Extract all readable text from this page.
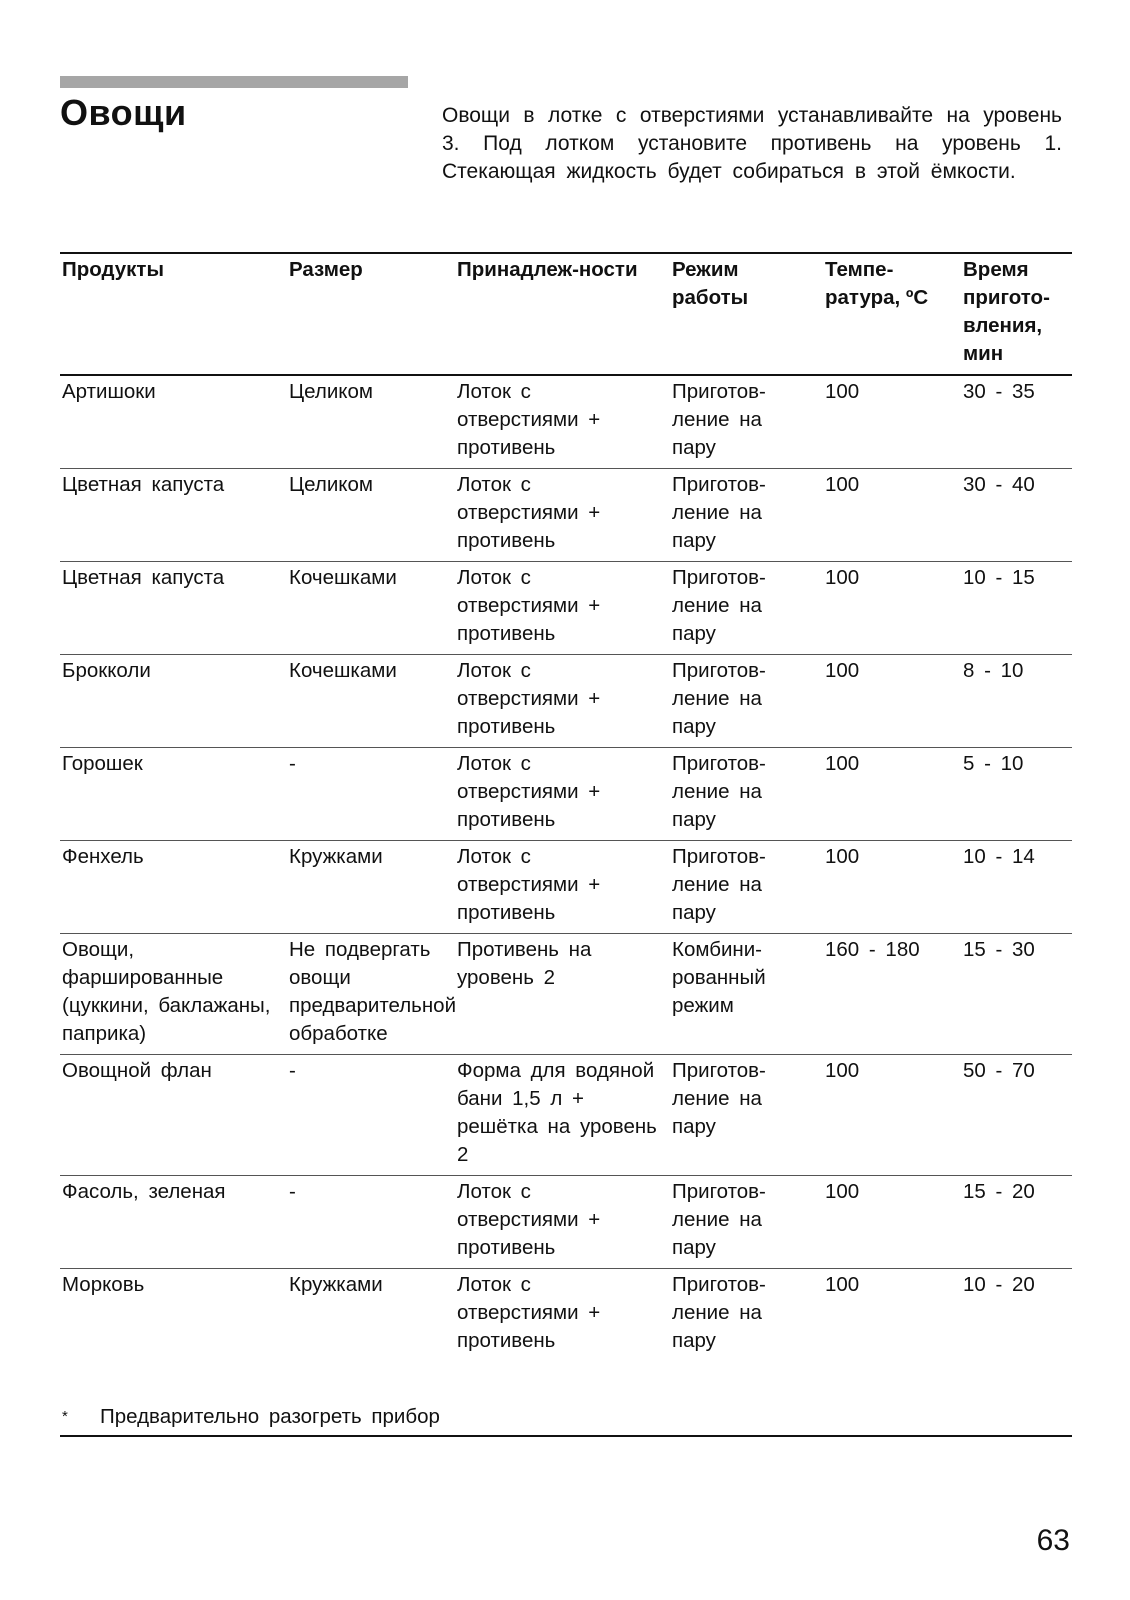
Овощи	Овощи в лотке с отверстиями устанавливайте на уровень 3. Под лотком установите противень на уровень 1. Стекающая жидкость будет собираться в этой ёмкости.

Продукты	Размер	Принадлеж-ности	Режим работы	Темпе-ратура, ºC	Время пригото-вления, мин
Артишоки	Целиком	Лоток с отверстиями + противень	Приготов-ление на пару	100	30 - 35
Цветная капуста	Целиком	Лоток с отверстиями + противень	Приготов-ление на пару	100	30 - 40
Цветная капуста	Кочешками	Лоток с отверстиями + противень	Приготов-ление на пару	100	10 - 15
Брокколи	Кочешками	Лоток с отверстиями + противень	Приготов-ление на пару	100	8 - 10
Горошек	-	Лоток с отверстиями + противень	Приготов-ление на пару	100	5 - 10
Фенхель	Кружками	Лоток с отверстиями + противень	Приготов-ление на пару	100	10 - 14
Овощи, фаршированные (цуккини, баклажаны, паприка)	Не подвергать овощи предварительной обработке	Противень на уровень 2	Комбини-рованный режим	160 - 180	15 - 30
Овощной флан	-	Форма для водяной бани 1,5 л + решётка на уровень 2	Приготов-ление на пару	100	50 - 70
Фасоль, зеленая	-	Лоток с отверстиями + противень	Приготов-ление на пару	100	15 - 20
Морковь	Кружками	Лоток с отверстиями + противень	Приготов-ление на пару	100	10 - 20
* Предварительно разогреть прибор
63
